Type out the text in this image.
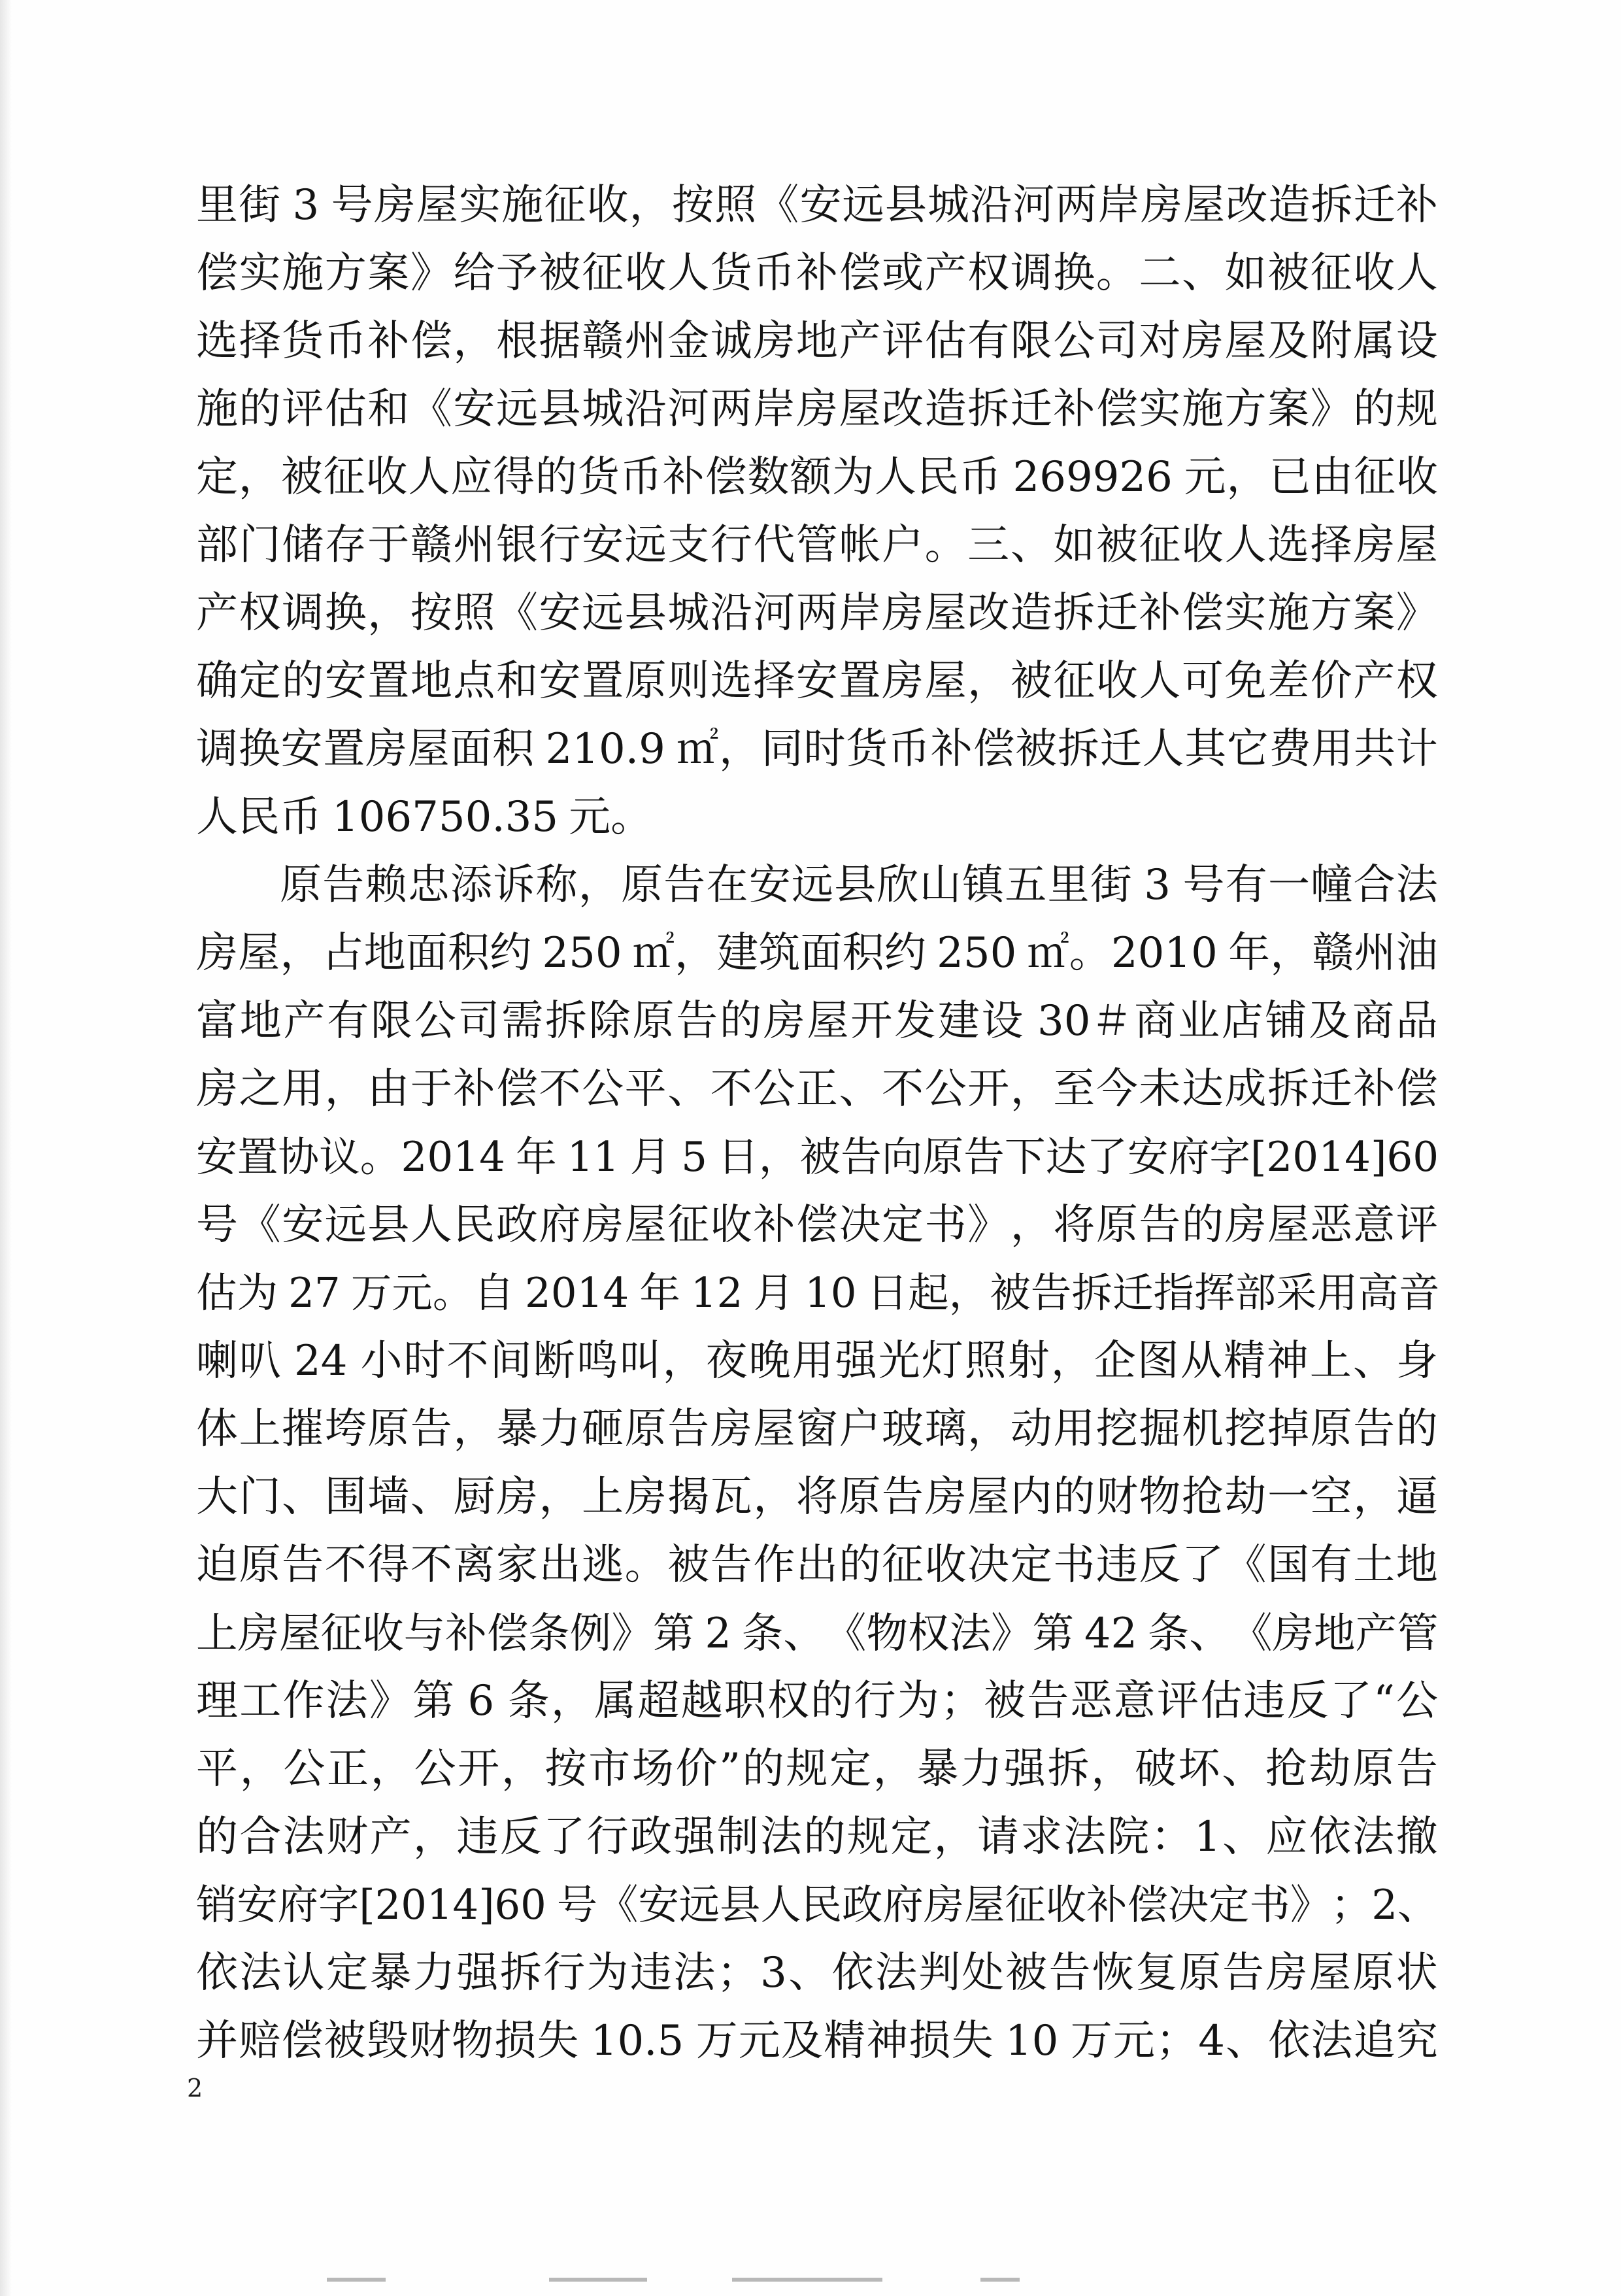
里 街
3
号 房 屋 实 施 征 收 ， 按 照 《 安 远 县 城 沿 河 两 岸 房 屋 改 造 拆 迁 补
偿 实 施 方 案 》 给 予 被 征 收 人 货 币 补 偿 或 产 权 调 换 。 二 、 如 被 征 收 人
选 择 货 币 补 偿 ， 根 据 赣 州 金 诚 房 地 产 评 估 有 限 公 司 对 房 屋 及 附 属 设
施 的 评 估 和 《 安 远 县 城 沿 河 两 岸 房 屋 改 造 拆 迁 补 偿 实 施 方 案 》 的 规
定 ， 被 征 收 人 应 得 的 货 币 补 偿 数 额 为 人 民 币
269926
元 ， 已 由 征 收
部 门 储 存 于 赣 州 银 行 安 远 支 行 代 管 帐 户 。 三 、 如 被 征 收 人 选 择 房 屋
产 权 调 换 ， 按 照 《 安 远 县 城 沿 河 两 岸 房 屋 改 造 拆 迁 补 偿 实 施 方 案 》
确 定 的 安 置 地 点 和 安 置 原 则 选 择 安 置 房 屋 ， 被 征 收 人 可 免 差 价 产 权
调 换 安 置 房 屋 面 积
210.9
㎡ ， 同 时 货 币 补 偿 被 拆 迁 人 其 它 费 用 共 计
人 民 币
106750.35
元 。
原 告 赖 忠 添 诉 称 ， 原 告 在 安 远 县 欣 山 镇 五 里 街
3
号 有 一 幢 合 法
房 屋 ， 占 地 面 积 约
250
㎡ ， 建 筑 面 积 约
250
㎡ 。 2010
年 ， 赣 州 油
富 地 产 有 限 公 司 需 拆 除 原 告 的 房 屋 开 发 建 设
30＃ 商 业 店 铺 及 商 品
房 之 用 ， 由 于 补 偿 不 公 平 、 不 公 正 、 不 公 开 ， 至 今 未 达 成 拆 迁 补 偿
安 置 协 议 。 2014
年
11
月
5
日 ， 被 告 向 原 告 下 达 了 安 府 字 [2014]60
号 《 安 远 县 人 民 政 府 房 屋 征 收 补 偿 决 定 书 》 ， 将 原 告 的 房 屋 恶 意 评
估 为
27
万 元 。 自
2014
年
12
月
10
日 起 ， 被 告 拆 迁 指 挥 部 采 用 高 音
喇 叭
24
小 时 不 间 断 鸣 叫 ， 夜 晚 用 强 光 灯 照 射 ， 企 图 从 精 神 上 、 身
体 上 摧 垮 原 告 ， 暴 力 砸 原 告 房 屋 窗 户 玻 璃 ， 动 用 挖 掘 机 挖 掉 原 告 的
大 门 、 围 墙 、 厨 房 ， 上 房 揭 瓦 ， 将 原 告 房 屋 内 的 财 物 抢 劫 一 空 ， 逼
迫 原 告 不 得 不 离 家 出 逃 。 被 告 作 出 的 征 收 决 定 书 违 反 了 《 国 有 土 地
上 房 屋 征 收 与 补 偿 条 例 》 第
2
条 、 《 物 权 法 》 第
42
条 、 《 房 地 产 管
理 工 作 法 》 第
6
条 ， 属 超 越 职 权 的 行 为 ； 被 告 恶 意 评 估 违 反 了 “ 公
平 ， 公 正 ， 公 开 ， 按 市 场 价 ” 的 规 定 ， 暴 力 强 拆 ， 破 坏 、 抢 劫 原 告
的 合 法 财 产 ， 违 反 了 行 政 强 制 法 的 规 定 ， 请 求 法 院 ： 1 、 应 依 法 撤
销 安 府 字 [2014]60
号 《 安 远 县 人 民 政 府 房 屋 征 收 补 偿 决 定 书 》 ； 2 、
依 法 认 定 暴 力 强 拆 行 为 违 法 ； 3 、 依 法 判 处 被 告 恢 复 原 告 房 屋 原 状
并 赔 偿 被 毁 财 物 损 失
10.5
万 元 及 精 神 损 失
10
万 元 ； 4 、 依 法 追 究
2
